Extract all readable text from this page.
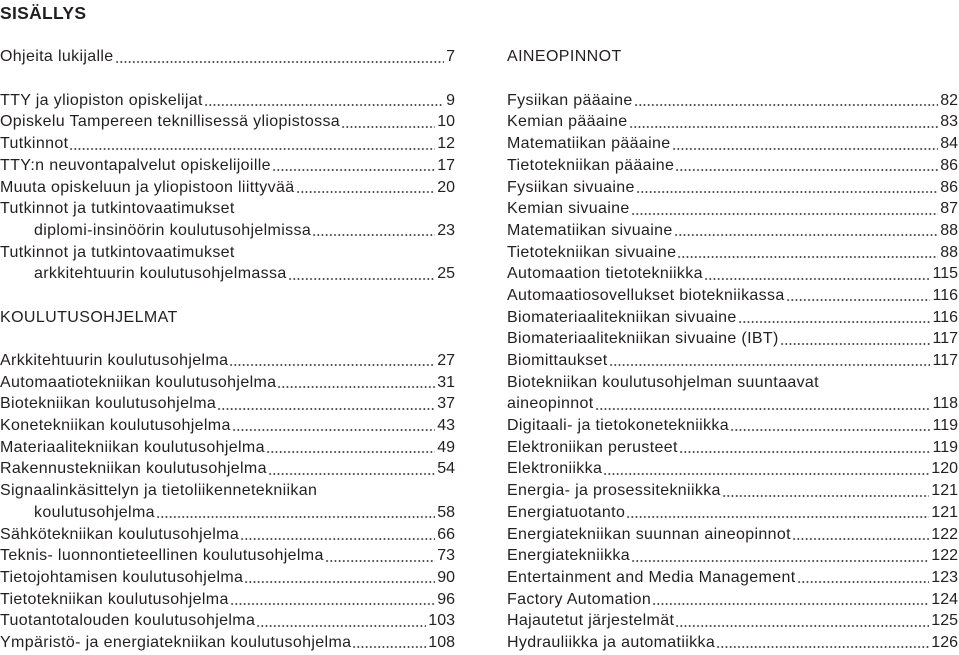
SISÄLLYS
Ohjeita lukijalle	7
TTY ja yliopiston opiskelijat	9
Opiskelu Tampereen teknillisessä yliopistossa	10
Tutkinnot	12
TTY:n neuvontapalvelut opiskelijoille	17
Muuta opiskeluun ja yliopistoon liittyvää	20
Tutkinnot ja tutkintovaatimukset
diplomi-insinöörin koulutusohjelmissa	23
Tutkinnot ja tutkintovaatimukset
arkkitehtuurin koulutusohjelmassa	25
KOULUTUSOHJELMAT
Arkkitehtuurin koulutusohjelma	27
Automaatiotekniikan koulutusohjelma	31
Biotekniikan koulutusohjelma	37
Konetekniikan koulutusohjelma	43
Materiaalitekniikan koulutusohjelma	49
Rakennustekniikan koulutusohjelma	54
Signaalinkäsittelyn ja tietoliikennetekniikan
koulutusohjelma	58
Sähkötekniikan koulutusohjelma	66
Teknis- luonnontieteellinen koulutusohjelma	73
Tietojohtamisen koulutusohjelma	90
Tietotekniikan koulutusohjelma	96
Tuotantotalouden koulutusohjelma	103
Ympäristö- ja energiatekniikan koulutusohjelma	108
AINEOPINNOT
Fysiikan pääaine	82
Kemian pääaine	83
Matematiikan pääaine	84
Tietotekniikan pääaine	86
Fysiikan sivuaine	86
Kemian sivuaine	87
Matematiikan sivuaine	88
Tietotekniikan sivuaine	88
Automaation tietotekniikka	115
Automaatiosovellukset biotekniikassa	116
Biomateriaalitekniikan sivuaine	116
Biomateriaalitekniikan sivuaine (IBT)	117
Biomittaukset	117
Biotekniikan koulutusohjelman suuntaavat
aineopinnot	118
Digitaali- ja tietokonetekniikka	119
Elektroniikan perusteet	119
Elektroniikka	120
Energia- ja prosessitekniikka	121
Energiatuotanto	121
Energiatekniikan suunnan aineopinnot	122
Energiatekniikka	122
Entertainment and Media Management	123
Factory Automation	124
Hajautetut järjestelmät	125
Hydrauliikka ja automatiikka	126
